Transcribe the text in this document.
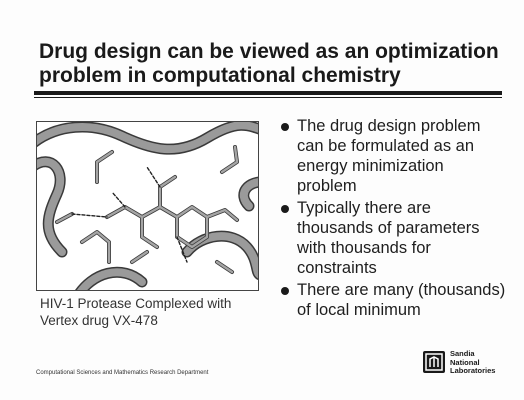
Drug design can be viewed as an optimization problem in computational chemistry
HIV-1 Protease Complexed with Vertex drug VX-478
The drug design problem can be formulated as an energy minimization problem
Typically there are thousands of parameters with thousands for constraints
There are many (thousands) of local minimum
Computational Sciences and Mathematics Research Department
Sandia
National
Laboratories
